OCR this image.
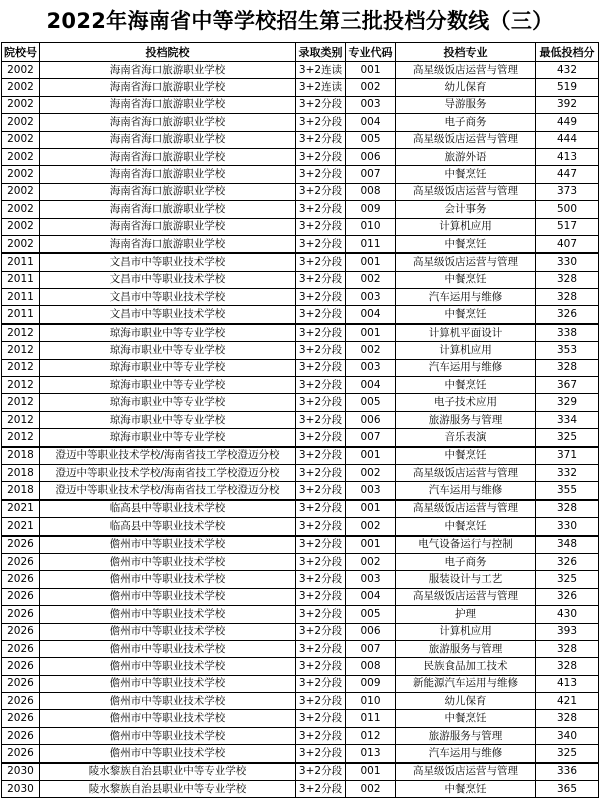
2022年海南省中等学校招生第三批投档分数线（三）
院校号	投档院校	录取类别	专业代码	投档专业	最低投档分
2002	海南省海口旅游职业学校	3+2连读	001	高星级饭店运营与管理	432
2002	海南省海口旅游职业学校	3+2连读	002	幼儿保育	519
2002	海南省海口旅游职业学校	3+2分段	003	导游服务	392
2002	海南省海口旅游职业学校	3+2分段	004	电子商务	449
2002	海南省海口旅游职业学校	3+2分段	005	高星级饭店运营与管理	444
2002	海南省海口旅游职业学校	3+2分段	006	旅游外语	413
2002	海南省海口旅游职业学校	3+2分段	007	中餐烹饪	447
2002	海南省海口旅游职业学校	3+2分段	008	高星级饭店运营与管理	373
2002	海南省海口旅游职业学校	3+2分段	009	会计事务	500
2002	海南省海口旅游职业学校	3+2分段	010	计算机应用	517
2002	海南省海口旅游职业学校	3+2分段	011	中餐烹饪	407
2011	文昌市中等职业技术学校	3+2分段	001	高星级饭店运营与管理	330
2011	文昌市中等职业技术学校	3+2分段	002	中餐烹饪	328
2011	文昌市中等职业技术学校	3+2分段	003	汽车运用与维修	328
2011	文昌市中等职业技术学校	3+2分段	004	中餐烹饪	326
2012	琼海市职业中等专业学校	3+2分段	001	计算机平面设计	338
2012	琼海市职业中等专业学校	3+2分段	002	计算机应用	353
2012	琼海市职业中等专业学校	3+2分段	003	汽车运用与维修	328
2012	琼海市职业中等专业学校	3+2分段	004	中餐烹饪	367
2012	琼海市职业中等专业学校	3+2分段	005	电子技术应用	329
2012	琼海市职业中等专业学校	3+2分段	006	旅游服务与管理	334
2012	琼海市职业中等专业学校	3+2分段	007	音乐表演	325
2018	澄迈中等职业技术学校/海南省技工学校澄迈分校	3+2分段	001	中餐烹饪	371
2018	澄迈中等职业技术学校/海南省技工学校澄迈分校	3+2分段	002	高星级饭店运营与管理	332
2018	澄迈中等职业技术学校/海南省技工学校澄迈分校	3+2分段	003	汽车运用与维修	355
2021	临高县中等职业技术学校	3+2分段	001	高星级饭店运营与管理	328
2021	临高县中等职业技术学校	3+2分段	002	中餐烹饪	330
2026	儋州市中等职业技术学校	3+2分段	001	电气设备运行与控制	348
2026	儋州市中等职业技术学校	3+2分段	002	电子商务	326
2026	儋州市中等职业技术学校	3+2分段	003	服装设计与工艺	325
2026	儋州市中等职业技术学校	3+2分段	004	高星级饭店运营与管理	326
2026	儋州市中等职业技术学校	3+2分段	005	护理	430
2026	儋州市中等职业技术学校	3+2分段	006	计算机应用	393
2026	儋州市中等职业技术学校	3+2分段	007	旅游服务与管理	328
2026	儋州市中等职业技术学校	3+2分段	008	民族食品加工技术	328
2026	儋州市中等职业技术学校	3+2分段	009	新能源汽车运用与维修	413
2026	儋州市中等职业技术学校	3+2分段	010	幼儿保育	421
2026	儋州市中等职业技术学校	3+2分段	011	中餐烹饪	328
2026	儋州市中等职业技术学校	3+2分段	012	旅游服务与管理	340
2026	儋州市中等职业技术学校	3+2分段	013	汽车运用与维修	325
2030	陵水黎族自治县职业中等专业学校	3+2分段	001	高星级饭店运营与管理	336
2030	陵水黎族自治县职业中等专业学校	3+2分段	002	中餐烹饪	365
